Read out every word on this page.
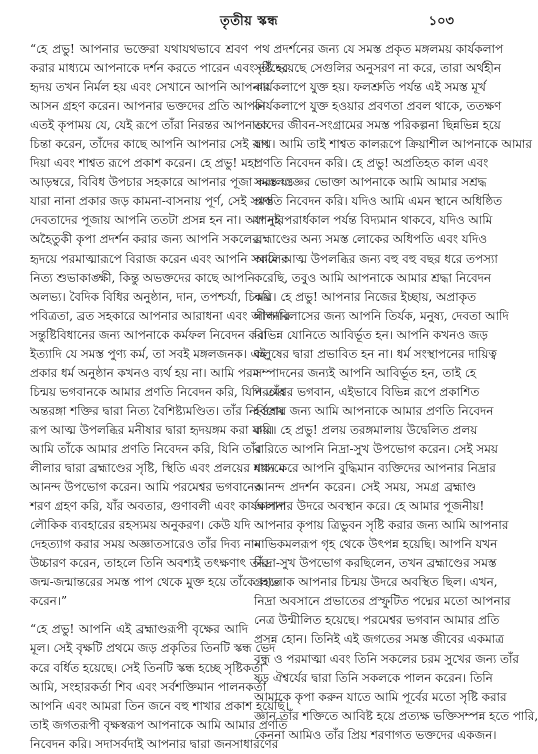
তৃতীয় স্কন্ধ	১০৩
“হে প্রভু! আপনার ভক্তেরা যথাযথভাবে শ্রবণ
করার মাধ্যমে আপনাকে দর্শন করতে পারেন এবং তাঁদের
হৃদয় তখন নির্মল হয় এবং সেখানে আপনি আপনার
আসন গ্রহণ করেন। আপনার ভক্তদের প্রতি আপনি
এতই কৃপাময় যে, যেই রূপে তাঁরা নিরন্তর আপনাকে
চিন্তা করেন, তাঁদের কাছে আপনি আপনার সেই রূপ
দিয়া এবং শাশ্বত রূপে প্রকাশ করেন। হে প্রভু! মহা
আড়ম্বরে, বিবিধ উপচার সহকারে আপনার পূজা করলেও
যারা নানা প্রকার জড় কামনা-বাসনায় পূর্ণ, সেই সমস্ত
দেবতাদের পূজায় আপনি ততটা প্রসন্ন হন না। আপনার
অহৈতুকী কৃপা প্রদর্শন করার জন্য আপনি সকলের
হৃদয়ে পরমাত্মারূপে বিরাজ করেন এবং আপনি সকলের
নিত্য শুভাকাঙ্ক্ষী, কিন্তু অভক্তদের কাছে আপনি
অলভ্য। বৈদিক বিধির অনুষ্ঠান, দান, তপশ্চর্যা, চিন্ময়
পবিত্রতা, ব্রত সহকারে আপনার আরাধনা এবং আপনার
সন্তুষ্টিবিধানের জন্য আপনাকে কর্মফল নিবেদন করা
ইত্যাদি যে সমস্ত পুণ্য কর্ম, তা সবই মঙ্গলজনক। এই
প্রকার ধর্ম অনুষ্ঠান কখনও ব্যর্থ হয় না। আমি পরম
চিন্ময় ভগবানকে আমার প্রণতি নিবেদন করি, যিনি তাঁর
অন্তরঙ্গা শক্তির দ্বারা নিত্য বৈশিষ্ট্যমণ্ডিত। তাঁর নির্বিশেষ
রূপ আত্ম উপলব্ধির মনীষার দ্বারা হৃদয়ঙ্গম করা যায়।
আমি তাঁকে আমার প্রণতি নিবেদন করি, যিনি তাঁর
লীলার দ্বারা ব্রহ্মাণ্ডের সৃষ্টি, স্থিতি এবং প্রলয়ের মাধ্যমে
আনন্দ উপভোগ করেন। আমি পরমেশ্বর ভগবানের
শরণ গ্রহণ করি, যাঁর অবতার, গুণাবলী এবং কার্যকলাপ
লৌকিক ব্যবহারের রহস্যময় অনুকরণ। কেউ যদি
দেহত্যাগ করার সময় অজ্ঞাতসারেও তাঁর দিব্য নাম
উচ্চারণ করেন, তাহলে তিনি অবশ্যই তৎক্ষণাৎ তাঁর
জন্ম-জন্মান্তরের সমস্ত পাপ থেকে মুক্ত হয়ে তাঁকে লাভ
করেন।”
“হে প্রভু! আপনি এই ব্রহ্মাণ্ডরূপী বৃক্ষের আদি
মূল। সেই বৃক্ষটি প্রথমে জড় প্রকৃতির তিনটি স্কন্ধ ভেদ
করে বর্ধিত হয়েছে। সেই তিনটি স্কন্ধ হচ্ছে সৃষ্টিকর্তা
আমি, সংহারকর্তা শিব এবং সর্বশক্তিমান পালনকর্তা
আপনি এবং আমরা তিন জনে বহু শাখার প্রকাশ হয়েছি।
তাই জগতরূপী বৃক্ষস্বরূপ আপনাকে আমি আমার প্রণতি
নিবেদন করি। সদাসর্বদাই আপনার দ্বারা জনসাধারণের
পথ প্রদর্শনের জন্য যে সমস্ত প্রকৃত মঙ্গলময় কার্যকলাপ
সৃষ্টি হয়েছে সেগুলির অনুসরণ না করে, তারা অর্থহীন
কার্যকলাপে যুক্ত হয়। ফলশ্রুতি পর্যন্ত এই সমস্ত মূর্খ
কার্যকলাপে যুক্ত হওয়ার প্রবণতা প্রবল থাকে, ততক্ষণ
তাদের জীবন-সংগ্রামের সমস্ত পরিকল্পনা ছিন্নভিন্ন হয়ে
যায়। আমি তাই শাশ্বত কালরূপে ক্রিয়াশীল আপনাকে আমার
প্রণতি নিবেদন করি। হে প্রভু! অপ্রতিহত কাল এবং
সমস্ত যজ্ঞের ভোক্তা আপনাকে আমি আমার সশ্রদ্ধ
প্রণতি নিবেদন করি। যদিও আমি এমন স্থানে অধিষ্ঠিত
যা দুই পরার্ধকাল পর্যন্ত বিদ্যমান থাকবে, যদিও আমি
ব্রহ্মাণ্ডের অন্য সমস্ত লোকের অধিপতি এবং যদিও
আমি আত্ম উপলব্ধির জন্য বহু বহু বছর ধরে তপস্যা
করেছি, তবুও আমি আপনাকে আমার শ্রদ্ধা নিবেদন
করি। হে প্রভু! আপনার নিজের ইচ্ছায়, অপ্রাকৃত
লীলাবিলাসের জন্য আপনি তির্যক, মনুষ্য, দেবতা আদি
বিভিন্ন যোনিতে আবির্ভূত হন। আপনি কখনও জড়
কলুষের দ্বারা প্রভাবিত হন না। ধর্ম সংস্থাপনের দায়িত্ব
সম্পাদনের জন্যই আপনি আবির্ভূত হন, তাই হে
পরমেশ্বর ভগবান, এইভাবে বিভিন্ন রূপে প্রকাশিত
হওয়ার জন্য আমি আপনাকে আমার প্রণতি নিবেদন
করি। হে প্রভু! প্রলয় তরঙ্গমালায় উদ্বেলিত প্রলয়
বারিতে আপনি নিদ্রা-সুখ উপভোগ করেন। সেই সময়
শয়ন করে আপনি বুদ্ধিমান ব্যক্তিদের আপনার নিদ্রার
আনন্দ প্রদর্শন করেন। সেই সময়, সমগ্র ব্রহ্মাণ্ড
আপনার উদরে অবস্থান করে। হে আমার পূজনীয়!
আপনার কৃপায় ত্রিভুবন সৃষ্টি করার জন্য আমি আপনার
নাভিকমলরূপ গৃহ থেকে উৎপন্ন হয়েছি। আপনি যখন
নিদ্রা-সুখ উপভোগ করছিলেন, তখন ব্রহ্মাণ্ডের সমস্ত
গ্রহলোক আপনার চিন্ময় উদরে অবস্থিত ছিল। এখন,
নিদ্রা অবসানে প্রভাতের প্রস্ফুটিত পদ্মের মতো আপনার
নেত্র উন্মীলিত হয়েছে। পরমেশ্বর ভগবান আমার প্রতি
প্রসন্ন হোন। তিনিই এই জগতের সমস্ত জীবের একমাত্র
বন্ধু ও পরমাত্মা এবং তিনি সকলের চরম সুখের জন্য তাঁর
ষড় ঐশ্বর্যের দ্বারা তিনি সকলকে পালন করেন। তিনি
আমাকে কৃপা করুন যাতে আমি পূর্বের মতো সৃষ্টি করার
জ্ঞান তাঁর শক্তিতে আবিষ্ট হয়ে প্রত্যক্ষ ভক্তিসম্পন্ন হতে পারি,
কেননা আমিও তাঁর প্রিয় শরণাগত ভক্তদের একজন।
